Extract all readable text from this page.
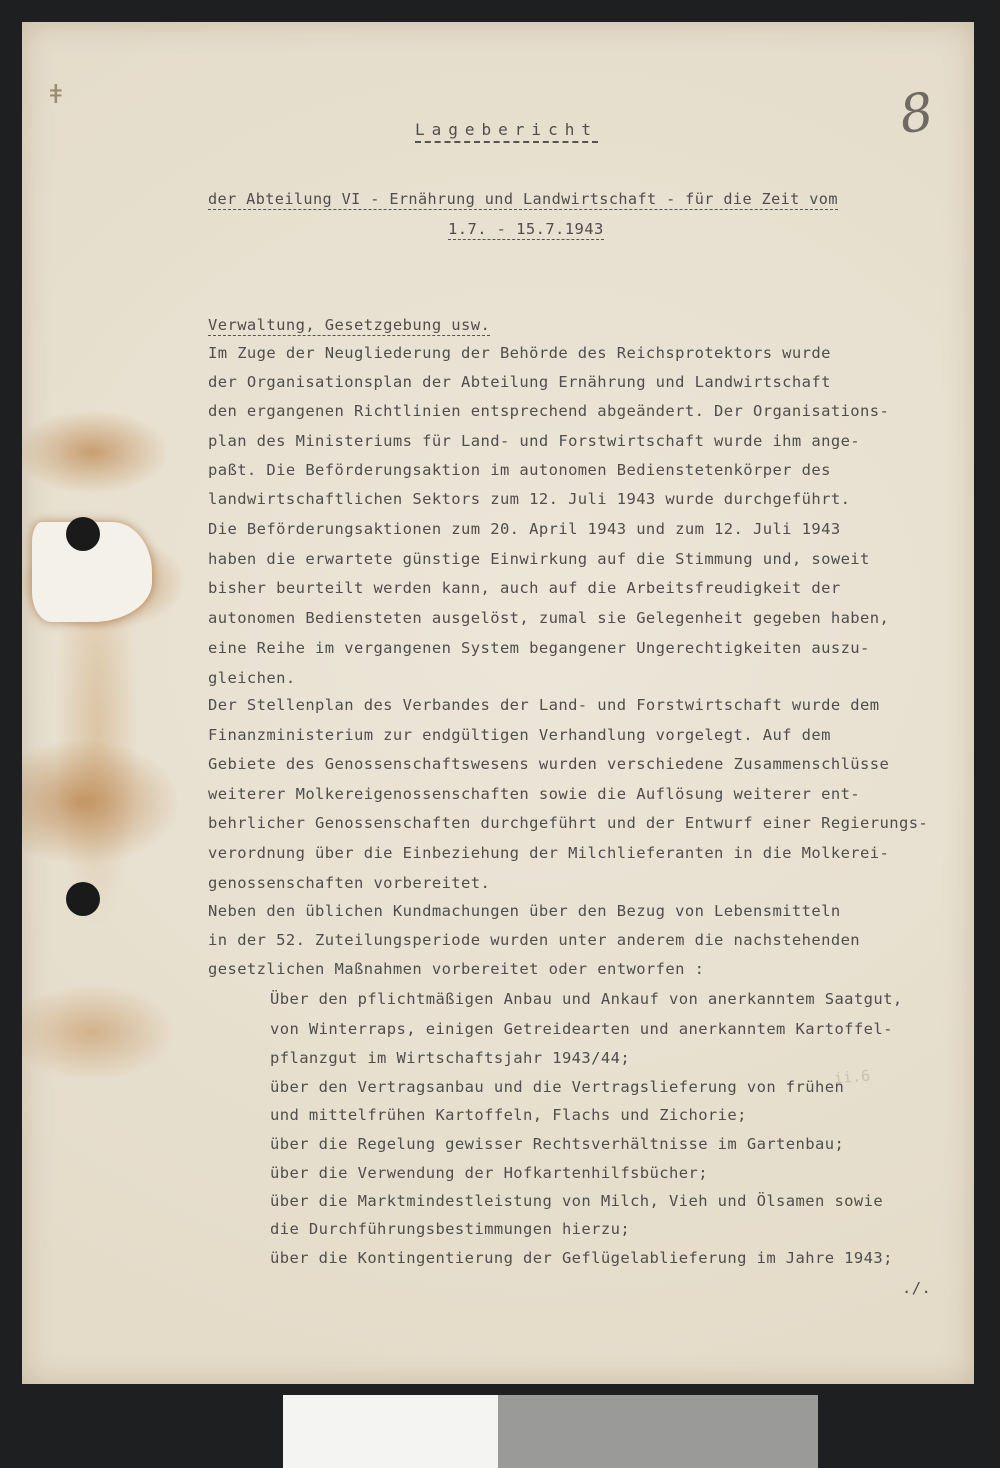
ǂ	8
Lagebericht
der Abteilung VI - Ernährung und Landwirtschaft - für die Zeit vom
1.7. - 15.7.1943
Verwaltung, Gesetzgebung usw.
Im Zuge der Neugliederung der Behörde des Reichsprotektors wurde
der Organisationsplan der Abteilung Ernährung und Landwirtschaft
den ergangenen Richtlinien entsprechend abgeändert. Der Organisations-
plan des Ministeriums für Land- und Forstwirtschaft wurde ihm ange-
paßt. Die Beförderungsaktion im autonomen Bedienstetenkörper des
landwirtschaftlichen Sektors zum 12. Juli 1943 wurde durchgeführt.
Die Beförderungsaktionen zum 20. April 1943 und zum 12. Juli 1943
haben die erwartete günstige Einwirkung auf die Stimmung und, soweit
bisher beurteilt werden kann, auch auf die Arbeitsfreudigkeit der
autonomen Bediensteten ausgelöst, zumal sie Gelegenheit gegeben haben,
eine Reihe im vergangenen System begangener Ungerechtigkeiten auszu-
gleichen.
Der Stellenplan des Verbandes der Land- und Forstwirtschaft wurde dem
Finanzministerium zur endgültigen Verhandlung vorgelegt. Auf dem
Gebiete des Genossenschaftswesens wurden verschiedene Zusammenschlüsse
weiterer Molkereigenossenschaften sowie die Auflösung weiterer ent-
behrlicher Genossenschaften durchgeführt und der Entwurf einer Regierungs-
verordnung über die Einbeziehung der Milchlieferanten in die Molkerei-
genossenschaften vorbereitet.
Neben den üblichen Kundmachungen über den Bezug von Lebensmitteln
in der 52. Zuteilungsperiode wurden unter anderem die nachstehenden
gesetzlichen Maßnahmen vorbereitet oder entworfen :
Über den pflichtmäßigen Anbau und Ankauf von anerkanntem Saatgut,
von Winterraps, einigen Getreidearten und anerkanntem Kartoffel-
pflanzgut im Wirtschaftsjahr 1943/44;
über den Vertragsanbau und die Vertragslieferung von frühen
und mittelfrühen Kartoffeln, Flachs und Zichorie;
über die Regelung gewisser Rechtsverhältnisse im Gartenbau;
über die Verwendung der Hofkartenhilfsbücher;
über die Marktmindestleistung von Milch, Vieh und Ölsamen sowie
die Durchführungsbestimmungen hierzu;
über die Kontingentierung der Geflügelablieferung im Jahre 1943;
ii.6
./.
